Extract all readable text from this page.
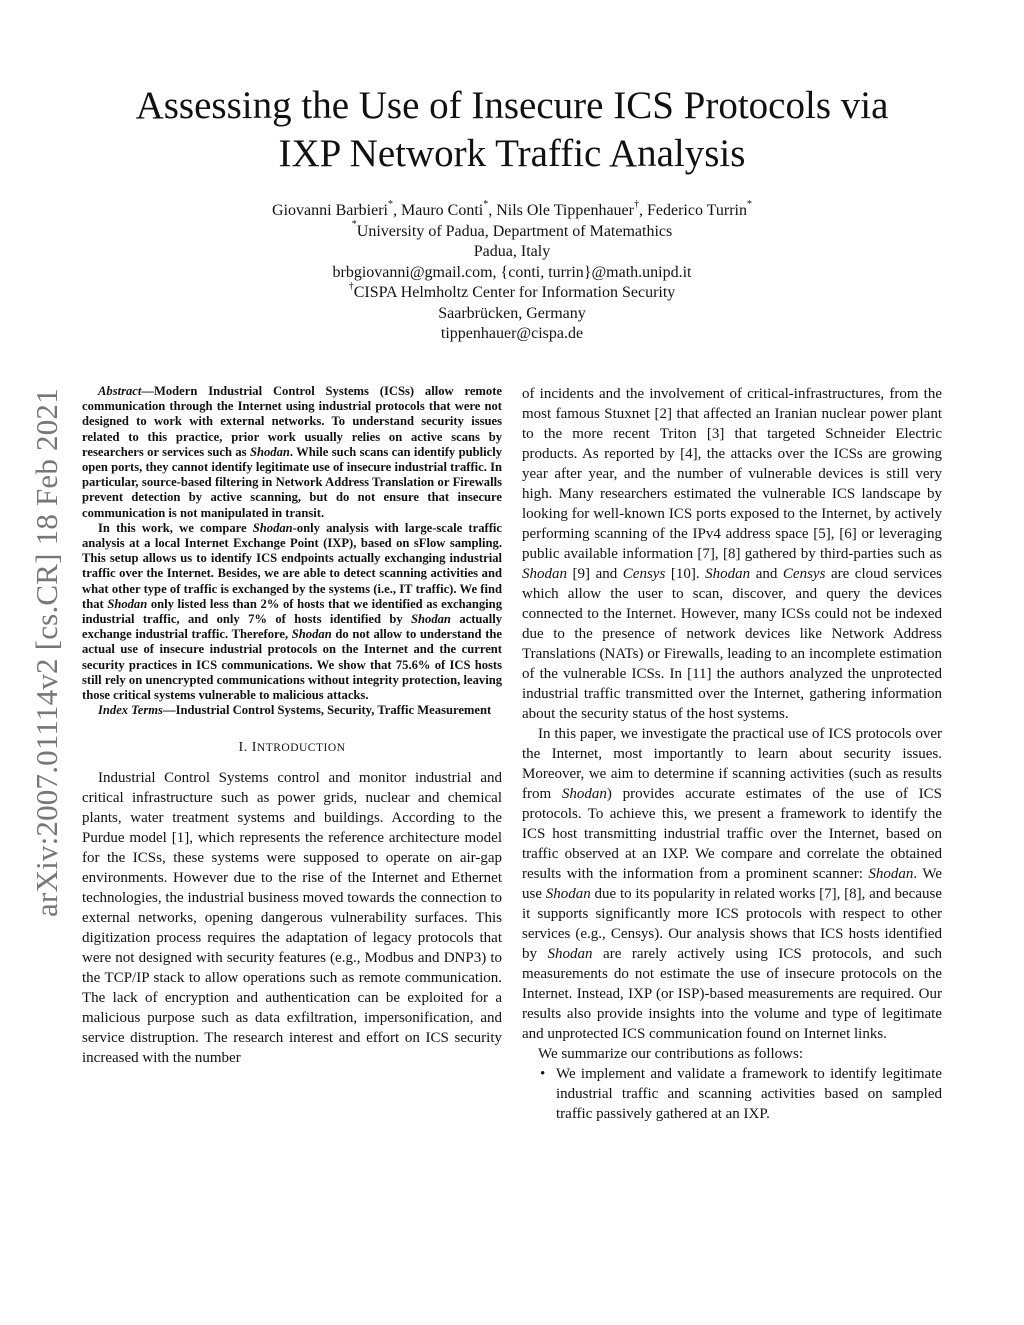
arXiv:2007.01114v2 [cs.CR] 18 Feb 2021
Assessing the Use of Insecure ICS Protocols via
IXP Network Traffic Analysis
Giovanni Barbieri*, Mauro Conti*, Nils Ole Tippenhauer†, Federico Turrin*
*University of Padua, Department of Matemathics
Padua, Italy
brbgiovanni@gmail.com, {conti, turrin}@math.unipd.it
†CISPA Helmholtz Center for Information Security
Saarbrücken, Germany
tippenhauer@cispa.de

Abstract—Modern Industrial Control Systems (ICSs) allow remote communication through the Internet using industrial protocols that were not designed to work with external networks. To understand security issues related to this practice, prior work usually relies on active scans by researchers or services such as Shodan. While such scans can identify publicly open ports, they cannot identify legitimate use of insecure industrial traffic. In particular, source-based filtering in Network Address Translation or Firewalls prevent detection by active scanning, but do not ensure that insecure communication is not manipulated in transit.

In this work, we compare Shodan-only analysis with large-scale traffic analysis at a local Internet Exchange Point (IXP), based on sFlow sampling. This setup allows us to identify ICS endpoints actually exchanging industrial traffic over the Internet. Besides, we are able to detect scanning activities and what other type of traffic is exchanged by the systems (i.e., IT traffic). We find that Shodan only listed less than 2% of hosts that we identified as exchanging industrial traffic, and only 7% of hosts identified by Shodan actually exchange industrial traffic. Therefore, Shodan do not allow to understand the actual use of insecure industrial protocols on the Internet and the current security practices in ICS communications. We show that 75.6% of ICS hosts still rely on unencrypted communications without integrity protection, leaving those critical systems vulnerable to malicious attacks.

Index Terms—Industrial Control Systems, Security, Traffic Measurement

I. INTRODUCTION

Industrial Control Systems control and monitor industrial and critical infrastructure such as power grids, nuclear and chemical plants, water treatment systems and buildings. According to the Purdue model [1], which represents the reference architecture model for the ICSs, these systems were supposed to operate on air-gap environments. However due to the rise of the Internet and Ethernet technologies, the industrial business moved towards the connection to external networks, opening dangerous vulnerability surfaces. This digitization process requires the adaptation of legacy protocols that were not designed with security features (e.g., Modbus and DNP3) to the TCP/IP stack to allow operations such as remote communication. The lack of encryption and authentication can be exploited for a malicious purpose such as data exfiltration, impersonification, and service distruption. The research interest and effort on ICS security increased with the number

of incidents and the involvement of critical-infrastructures, from the most famous Stuxnet [2] that affected an Iranian nuclear power plant to the more recent Triton [3] that targeted Schneider Electric products. As reported by [4], the attacks over the ICSs are growing year after year, and the number of vulnerable devices is still very high. Many researchers estimated the vulnerable ICS landscape by looking for well-known ICS ports exposed to the Internet, by actively performing scanning of the IPv4 address space [5], [6] or leveraging public available information [7], [8] gathered by third-parties such as Shodan [9] and Censys [10]. Shodan and Censys are cloud services which allow the user to scan, discover, and query the devices connected to the Internet. However, many ICSs could not be indexed due to the presence of network devices like Network Address Translations (NATs) or Firewalls, leading to an incomplete estimation of the vulnerable ICSs. In [11] the authors analyzed the unprotected industrial traffic transmitted over the Internet, gathering information about the security status of the host systems.

In this paper, we investigate the practical use of ICS protocols over the Internet, most importantly to learn about security issues. Moreover, we aim to determine if scanning activities (such as results from Shodan) provides accurate estimates of the use of ICS protocols. To achieve this, we present a framework to identify the ICS host transmitting industrial traffic over the Internet, based on traffic observed at an IXP. We compare and correlate the obtained results with the information from a prominent scanner: Shodan. We use Shodan due to its popularity in related works [7], [8], and because it supports significantly more ICS protocols with respect to other services (e.g., Censys). Our analysis shows that ICS hosts identified by Shodan are rarely actively using ICS protocols, and such measurements do not estimate the use of insecure protocols on the Internet. Instead, IXP (or ISP)-based measurements are required. Our results also provide insights into the volume and type of legitimate and unprotected ICS communication found on Internet links.

We summarize our contributions as follows:

• We implement and validate a framework to identify legitimate industrial traffic and scanning activities based on sampled traffic passively gathered at an IXP.
